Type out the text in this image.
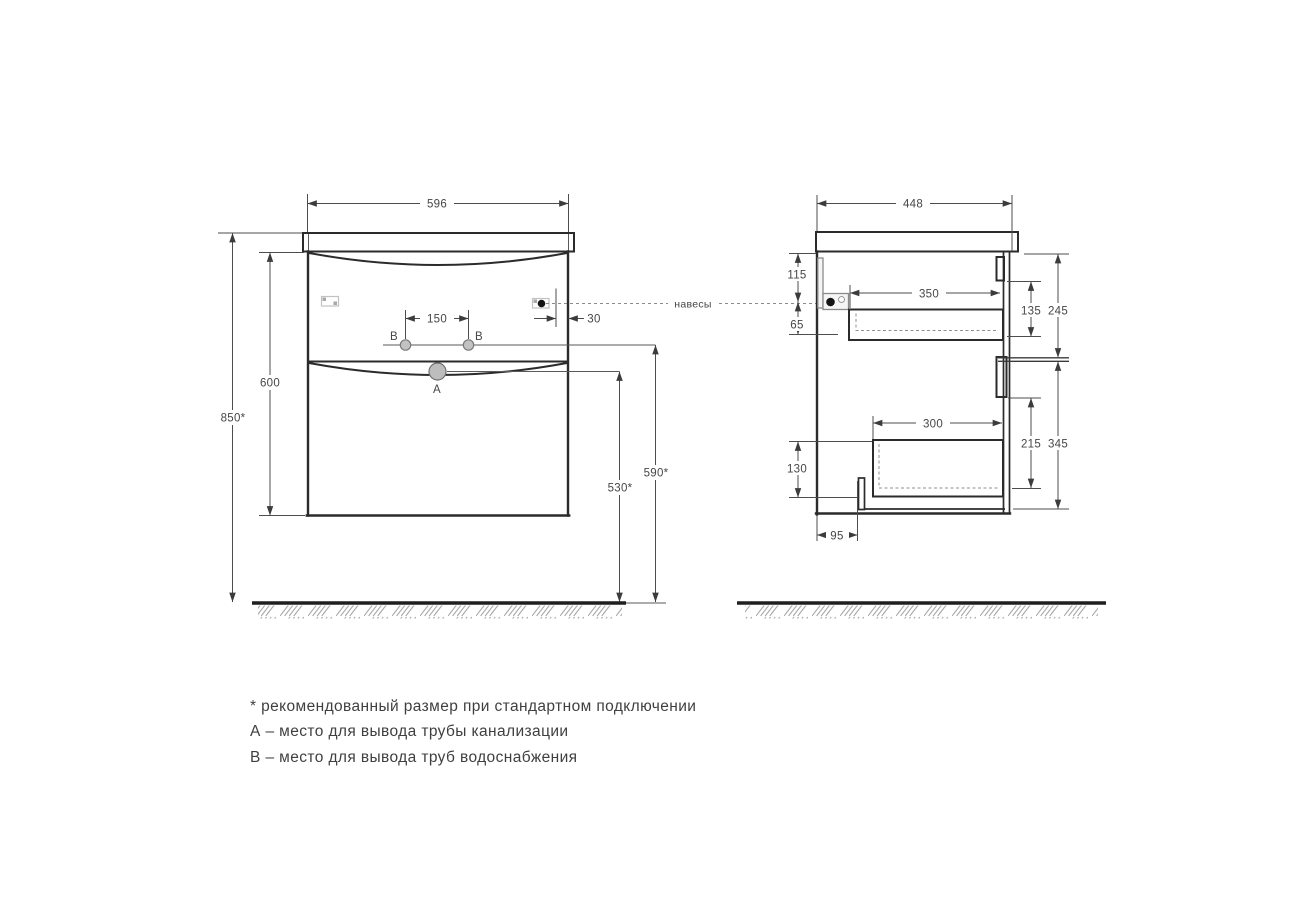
В	В
А
596
150	30
600
850*
590*
530*
навесы
448
115
65
350
135 245
300
215 345
130
95
* рекомендованный размер при стандартном подключении
А – место для вывода трубы канализации
В – место для вывода труб водоснабжения
